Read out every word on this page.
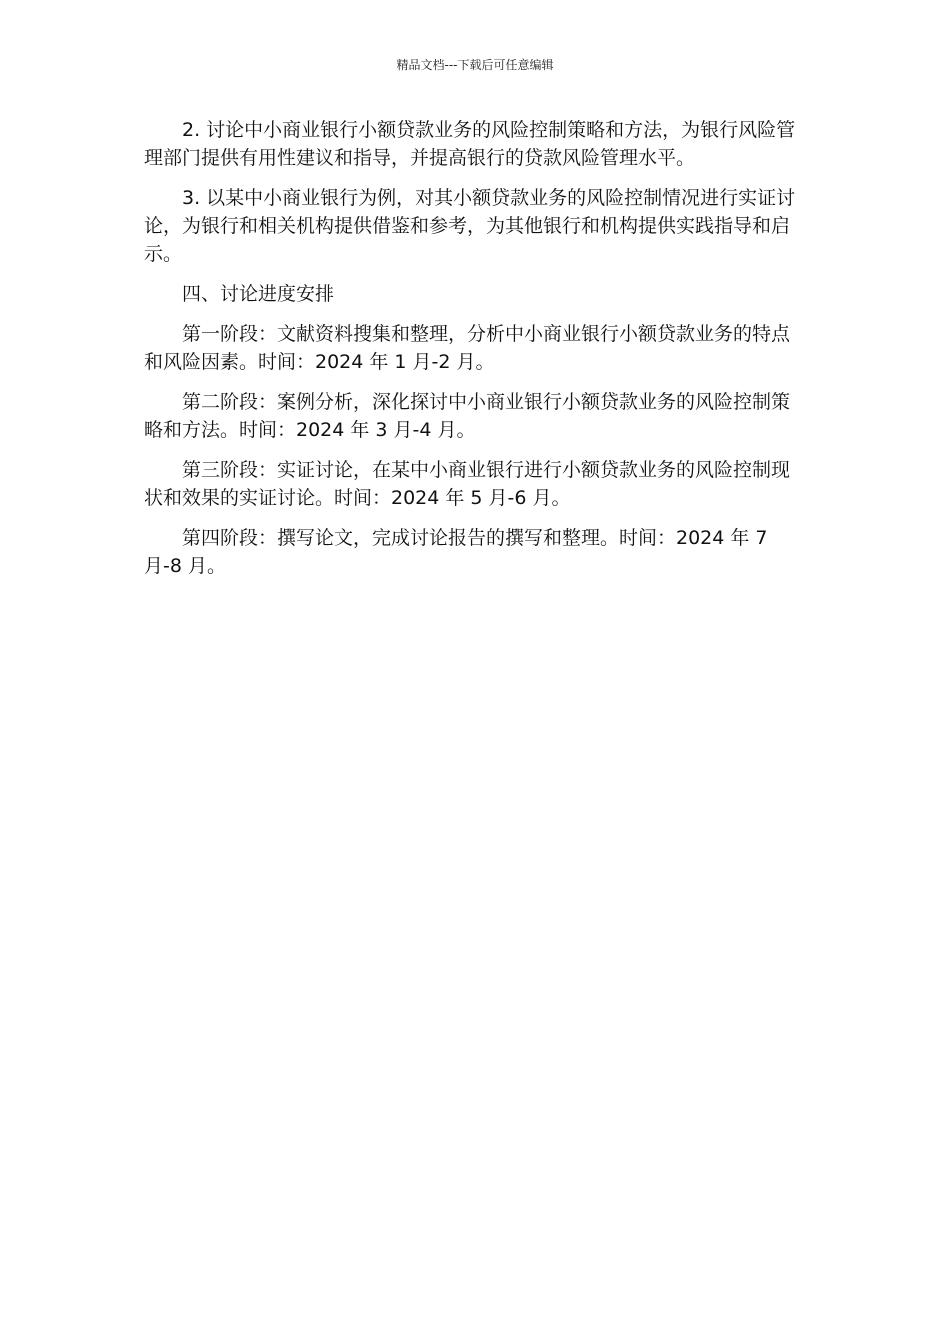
精品文档---下载后可任意编辑

2. 讨论中小商业银行小额贷款业务的风险控制策略和方法，为银行风险管理部门提供有用性建议和指导，并提高银行的贷款风险管理水平。

3. 以某中小商业银行为例，对其小额贷款业务的风险控制情况进行实证讨论，为银行和相关机构提供借鉴和参考，为其他银行和机构提供实践指导和启示。

四、讨论进度安排

第一阶段：文献资料搜集和整理，分析中小商业银行小额贷款业务的特点和风险因素。时间：2024 年 1 月-2 月。

第二阶段：案例分析，深化探讨中小商业银行小额贷款业务的风险控制策略和方法。时间：2024 年 3 月-4 月。

第三阶段：实证讨论，在某中小商业银行进行小额贷款业务的风险控制现状和效果的实证讨论。时间：2024 年 5 月-6 月。

第四阶段：撰写论文，完成讨论报告的撰写和整理。时间：2024 年 7 月-8 月。
